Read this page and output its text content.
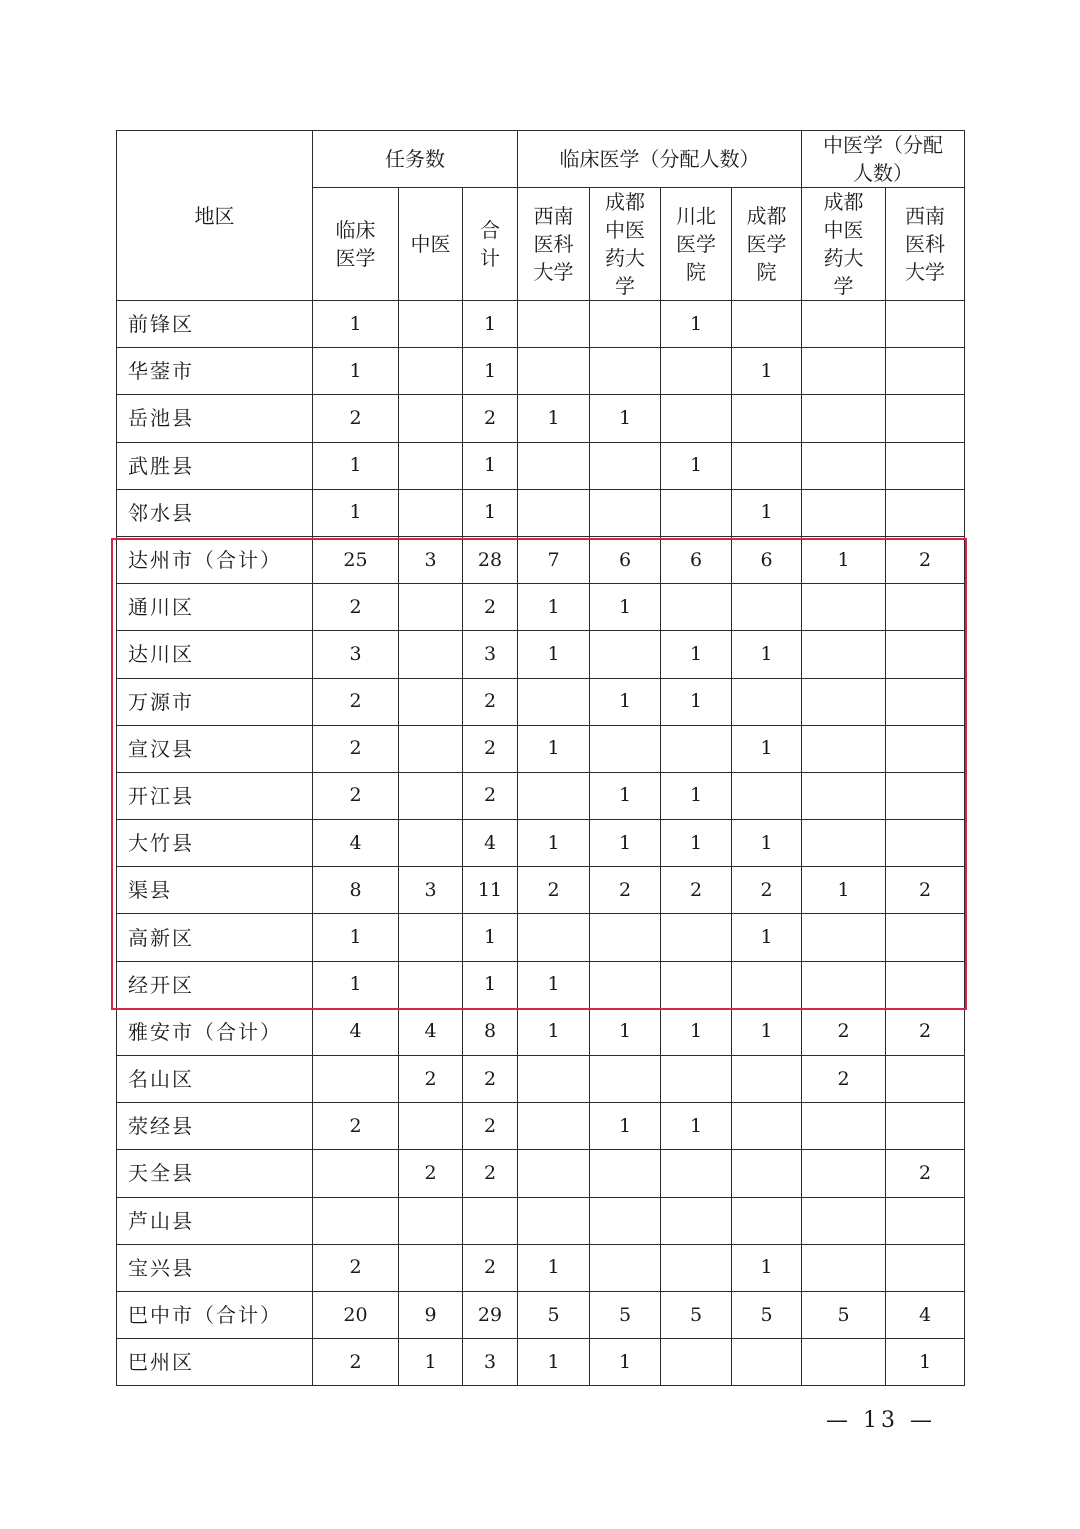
地区	任务数			临床医学（分配人数）				中医学（分配人数）	
	临床医学	中医	合计	西南医科大学	成都中医药大学	川北医学院	成都医学院	成都中医药大学	西南医科大学
前锋区	1		1			1			
华蓥市	1		1				1		
岳池县	2		2	1	1				
武胜县	1		1			1			
邻水县	1		1				1		
达州市（合计）	25	3	28	7	6	6	6	1	2
通川区	2		2	1	1				
达川区	3		3	1		1	1		
万源市	2		2		1	1			
宣汉县	2		2	1			1		
开江县	2		2		1	1			
大竹县	4		4	1	1	1	1		
渠县	8	3	11	2	2	2	2	1	2
高新区	1		1				1		
经开区	1		1	1					
雅安市（合计）	4	4	8	1	1	1	1	2	2
名山区		2	2					2	
荥经县	2		2		1	1			
天全县		2	2						2
芦山县									
宝兴县	2		2	1			1		
巴中市（合计）	20	9	29	5	5	5	5	5	4
巴州区	2	1	3	1	1				1
— 13 —
